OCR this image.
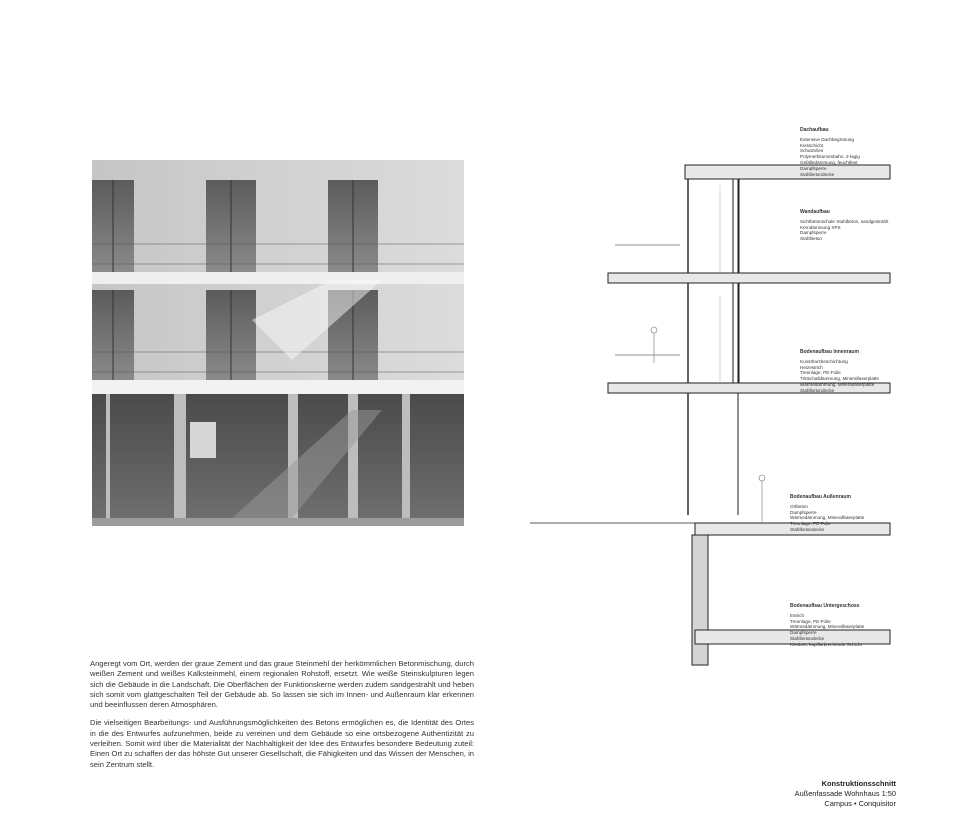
Dachaufbau
Extensive Dachbegrünung
Kiesschicht
Schutzvlies
Polymerbitumenbahn, 2-lagig
Gefälledämmung, feuchtfest
Dampfsperre
Stahlbetondecke
Wandaufbau
Sichtbetonschale Stahlbeton, sandgestrahlt
Kerndämmung XPS
Dampfsperre
Stahlbeton
Bodenaufbau Innenraum
Kunstharzbeschichtung
Heizestrich
Trennlage, PE-Folie
Trittschalldämmung, Mineralfaserplatte
Wärmedämmung, Mineralfaserplatte
Stahlbetondecke
Bodenaufbau Außenraum
Ortbeton
Dampfsperre
Wärmedämmung, Mineralfaserplatte
Trennlage, PE-Folie
Stahlbetondecke
Bodenaufbau Untergeschoss
Estrich
Trennlage, PE-Folie
Wärmedämmung, Mineralfaserplatte
Dampfsperre
Stahlbetondecke
Kiesbett, kapillarbrechende Schicht

Angeregt vom Ort, werden der graue Zement und das graue Steinmehl der herkömmlichen Betonmischung, durch weißen Zement und weißes Kalksteinmehl, einem regionalen Rohstoff, ersetzt. Wie weiße Steinskulpturen legen sich die Gebäude in die Landschaft. Die Oberflächen der Funktionskerne werden zudem sandgestrahlt und heben sich somit vom glattgeschalten Teil der Gebäude ab. So lassen sie sich im Innen- und Außenraum klar erkennen und beeinflussen deren Atmosphären.

Die vielseitigen Bearbeitungs- und Ausführungsmöglichkeiten des Betons ermöglichen es, die Identität des Ortes in die des Entwurfes aufzunehmen, beide zu vereinen und dem Gebäude so eine ortsbezogene Authentizität zu verleihen. Somit wird über die Materialität der Nachhaltigkeit der Idee des Entwurfes besondere Bedeutung zuteil: Einen Ort zu schaffen der das höhste Gut unserer Gesellschaft, die Fähigkeiten und das Wissen der Menschen, in sein Zentrum stellt.

Konstruktionsschnitt
Außenfassade Wohnhaus 1:50
Campus • Conquisitor
